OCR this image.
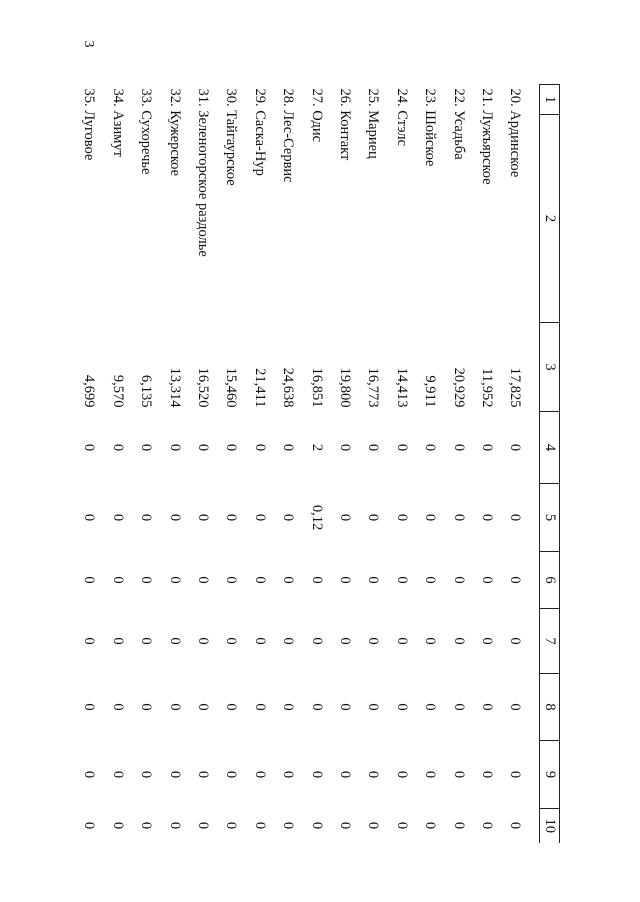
3
1	2	3	4	5	6	7	8	9	10

20. Ардинское		17,825	0	0	0	0	0	0	0
21. Лужъярское		11,952	0	0	0	0	0	0	0
22. Усадьба		20,929	0	0	0	0	0	0	0
23. Шойское		9,911	0	0	0	0	0	0	0
24. Стэлс		14,413	0	0	0	0	0	0	0
25. Мариец		16,773	0	0	0	0	0	0	0
26. Контакт		19,800	0	0	0	0	0	0	0
27. Одис		16,851	2	0,12	0	0	0	0	0
28. Лес-Сервис		24,638	0	0	0	0	0	0	0
29. Саска-Нур		21,411	0	0	0	0	0	0	0
30. Тайгаурское		15,460	0	0	0	0	0	0	0
31. Зеленогорское раздолье		16,520	0	0	0	0	0	0	0
32. Кужерское		13,314	0	0	0	0	0	0	0
33. Сухоречье		6,135	0	0	0	0	0	0	0
34. Азимут		9,570	0	0	0	0	0	0	0
35. Луговое		4,699	0	0	0	0	0	0	0
